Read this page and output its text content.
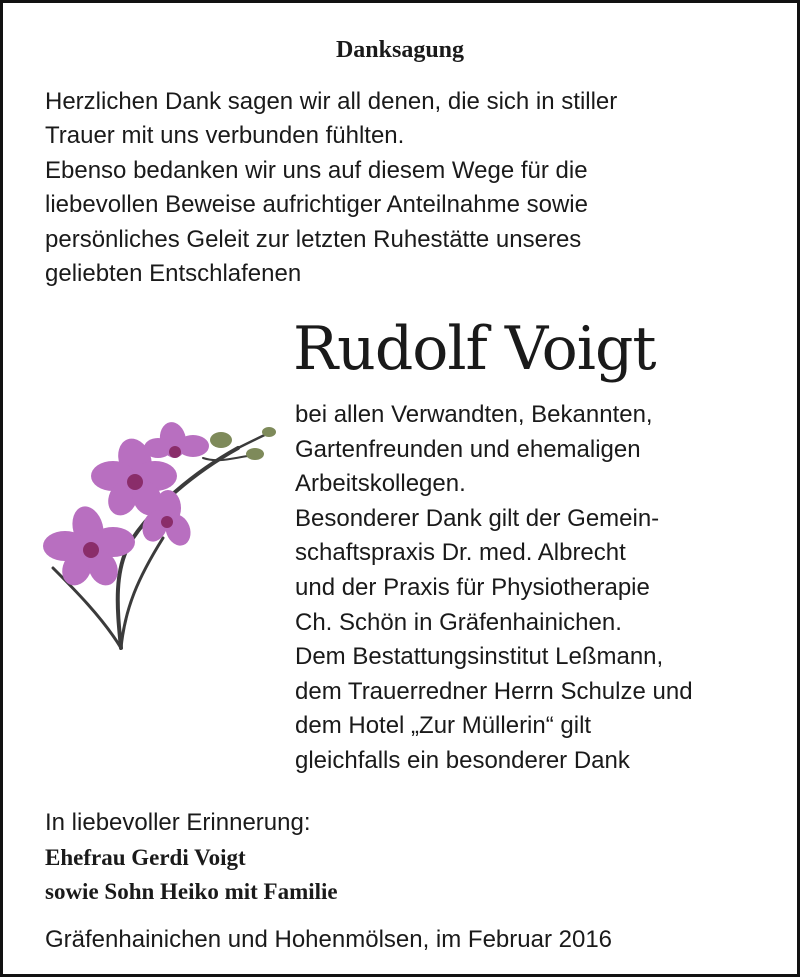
Danksagung
Herzlichen Dank sagen wir all denen, die sich in stiller
Trauer mit uns verbunden fühlten.
Ebenso bedanken wir uns auf diesem Wege für die
liebevollen Beweise aufrichtiger Anteilnahme sowie
persönliches Geleit zur letzten Ruhestätte unseres
geliebten Entschlafenen
Rudolf Voigt
bei allen Verwandten, Bekannten,
Gartenfreunden und ehemaligen
Arbeitskollegen.
Besonderer Dank gilt der Gemein-
schaftspraxis Dr. med. Albrecht
und der Praxis für Physiotherapie
Ch. Schön in Gräfenhainichen.
Dem Bestattungsinstitut Leßmann,
dem Trauerredner Herrn Schulze und
dem Hotel „Zur Müllerin“ gilt
gleichfalls ein besonderer Dank
In liebevoller Erinnerung:
Ehefrau Gerdi Voigt
sowie Sohn Heiko mit Familie
Gräfenhainichen und Hohenmölsen, im Februar 2016
